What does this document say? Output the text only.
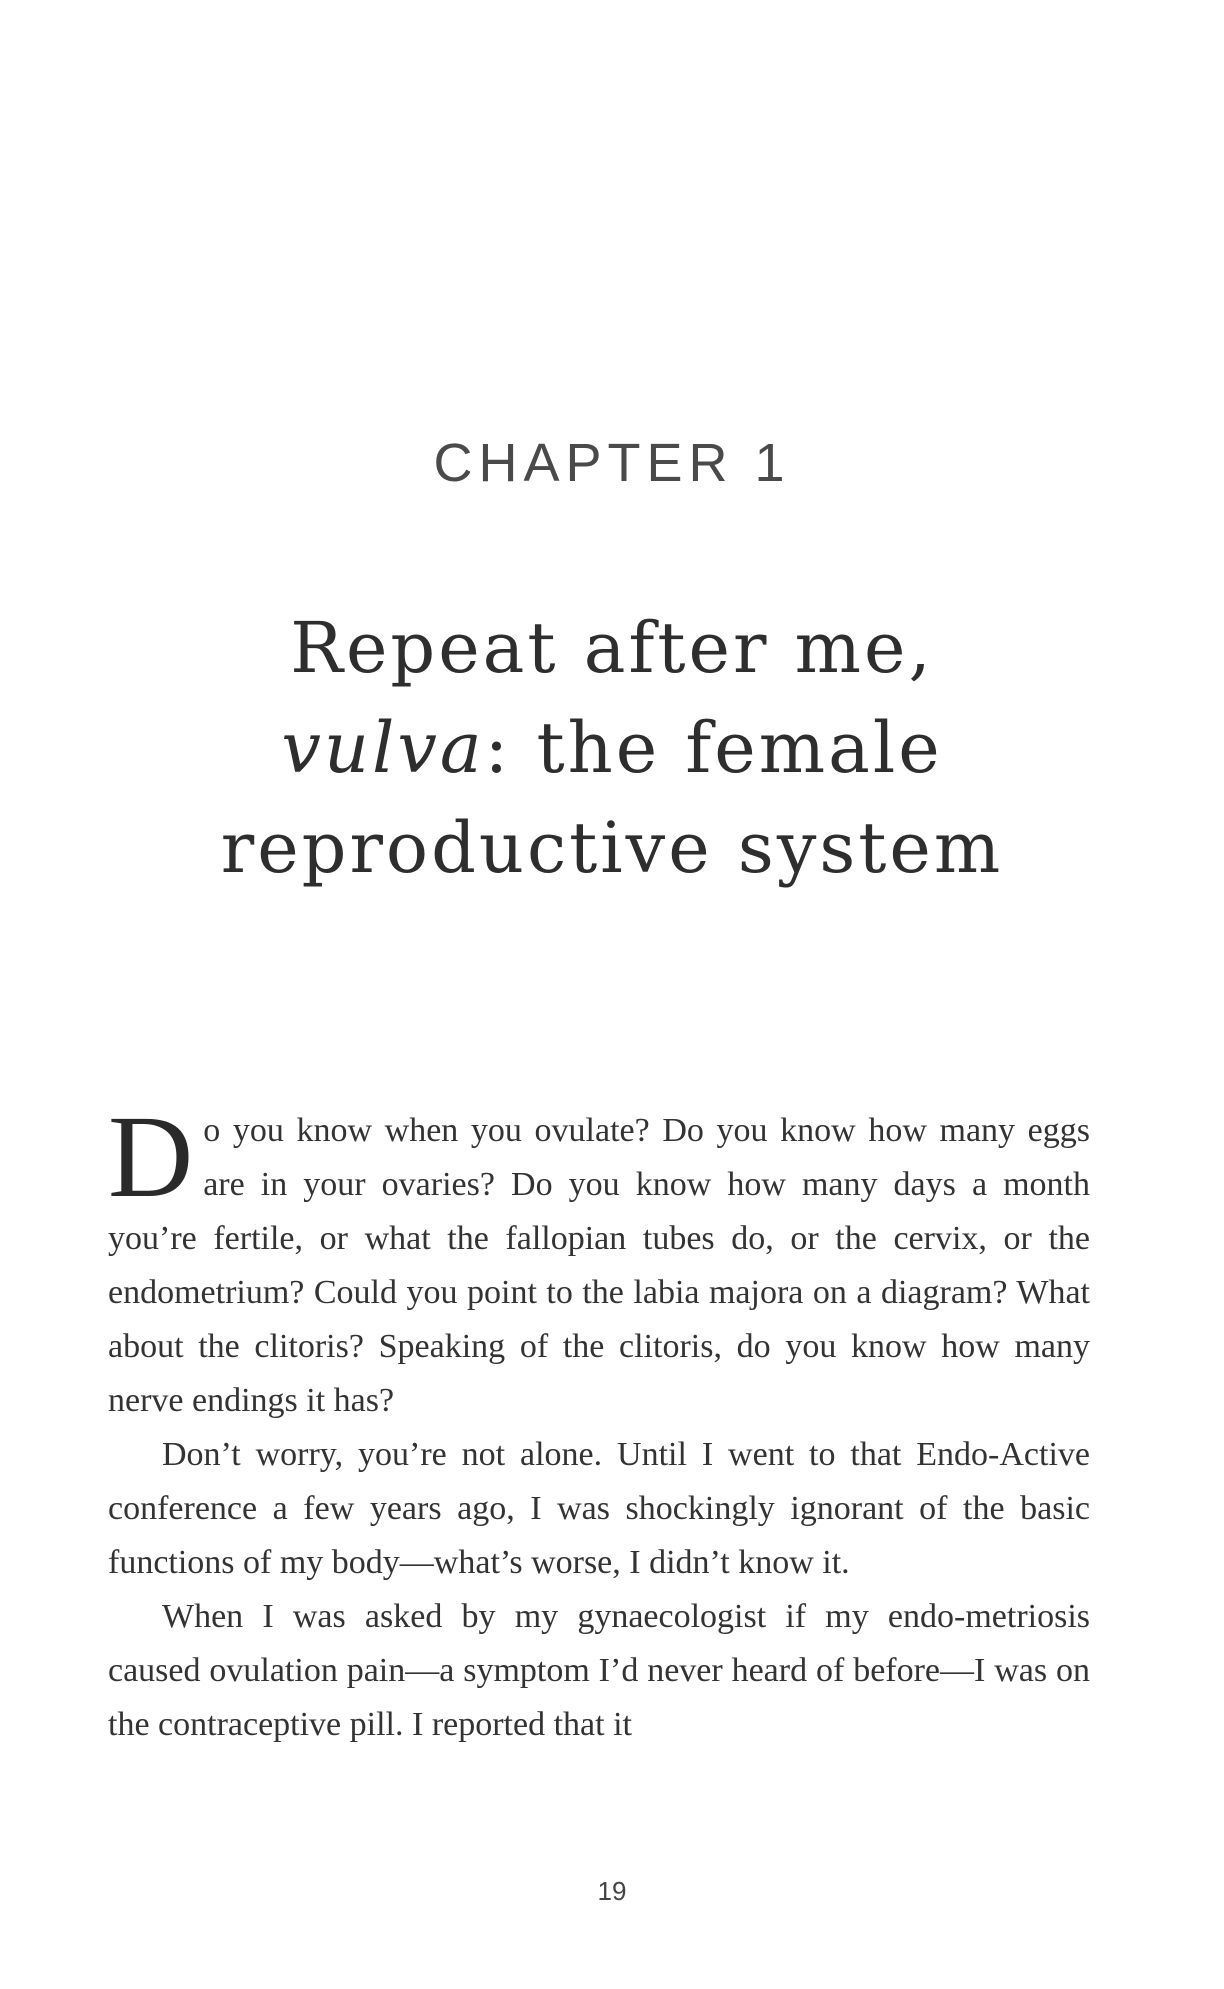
CHAPTER 1
Repeat after me,
vulva: the female
reproductive system

Do you know when you ovulate? Do you know how many eggs are in your ovaries? Do you know how many days a month you’re fertile, or what the fallopian tubes do, or the cervix, or the endometrium? Could you point to the labia majora on a diagram? What about the clitoris? Speaking of the clitoris, do you know how many nerve endings it has?

Don’t worry, you’re not alone. Until I went to that Endo-Active conference a few years ago, I was shockingly ignorant of the basic functions of my body—what’s worse, I didn’t know it.

When I was asked by my gynaecologist if my endo-metriosis caused ovulation pain—a symptom I’d never heard of before—I was on the contraceptive pill. I reported that it

19
